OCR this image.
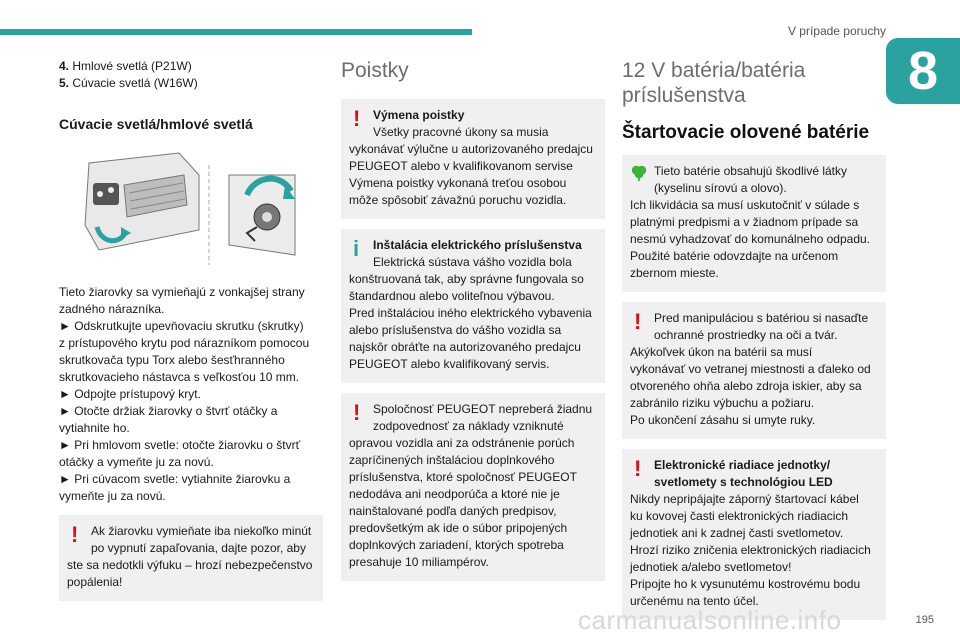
V prípade poruchy
8
4. Hmlové svetlá (P21W)
5. Cúvacie svetlá (W16W)
Cúvacie svetlá/hmlové svetlá
Tieto žiarovky sa vymieňajú z vonkajšej strany
zadného nárazníka.
► Odskrutkujte upevňovaciu skrutku (skrutky)
z prístupového krytu pod nárazníkom pomocou
skrutkovača typu Torx alebo šesťhranného
skrutkovacieho nástavca s veľkosťou 10 mm.
► Odpojte prístupový kryt.
► Otočte držiak žiarovky o štvrť otáčky a
vytiahnite ho.
► Pri hmlovom svetle: otočte žiarovku o štvrť
otáčky a vymeňte ju za novú.
► Pri cúvacom svetle: vytiahnite žiarovku a
vymeňte ju za novú.
!	Ak žiarovku vymieňate iba niekoľko minút
po vypnutí zapaľovania, dajte pozor, aby
ste sa nedotkli výfuku – hrozí nebezpečenstvo
popálenia!
Poistky
!	Výmena poistky
Všetky pracovné úkony sa musia
vykonávať výlučne u autorizovaného predajcu
PEUGEOT alebo v kvalifikovanom servise
Výmena poistky vykonaná treťou osobou
môže spôsobiť závažnú poruchu vozidla.
i	Inštalácia elektrického príslušenstva
Elektrická sústava vášho vozidla bola
konštruovaná tak, aby správne fungovala so
štandardnou alebo voliteľnou výbavou.
Pred inštaláciou iného elektrického vybavenia
alebo príslušenstva do vášho vozidla sa
najskôr obráťte na autorizovaného predajcu
PEUGEOT alebo kvalifikovaný servis.
!	Spoločnosť PEUGEOT nepreberá žiadnu
zodpovednosť za náklady vzniknuté
opravou vozidla ani za odstránenie porúch
zapríčinených inštaláciou doplnkového
príslušenstva, ktoré spoločnosť PEUGEOT
nedodáva ani neodporúča a ktoré nie je
nainštalované podľa daných predpisov,
predovšetkým ak ide o súbor pripojených
doplnkových zariadení, ktorých spotreba
presahuje 10 miliampérov.
12 V batéria/batéria
príslušenstva
Štartovacie olovené batérie
Tieto batérie obsahujú škodlivé látky
(kyselinu sírovú a olovo).
Ich likvidácia sa musí uskutočniť v súlade s
platnými predpismi a v žiadnom prípade sa
nesmú vyhadzovať do komunálneho odpadu.
Použité batérie odovzdajte na určenom
zbernom mieste.
!	Pred manipuláciou s batériou si nasaďte
ochranné prostriedky na oči a tvár.
Akýkoľvek úkon na batérii sa musí
vykonávať vo vetranej miestnosti a ďaleko od
otvoreného ohňa alebo zdroja iskier, aby sa
zabránilo riziku výbuchu a požiaru.
Po ukončení zásahu si umyte ruky.
!	Elektronické riadiace jednotky/
svetlomety s technológiou LED
Nikdy nepripájajte záporný štartovací kábel
ku kovovej časti elektronických riadiacich
jednotiek ani k zadnej časti svetlometov.
Hrozí riziko zničenia elektronických riadiacich
jednotiek a/alebo svetlometov!
Pripojte ho k vysunutému kostrovému bodu
určenému na tento účel.
carmanualsonline.info	195
